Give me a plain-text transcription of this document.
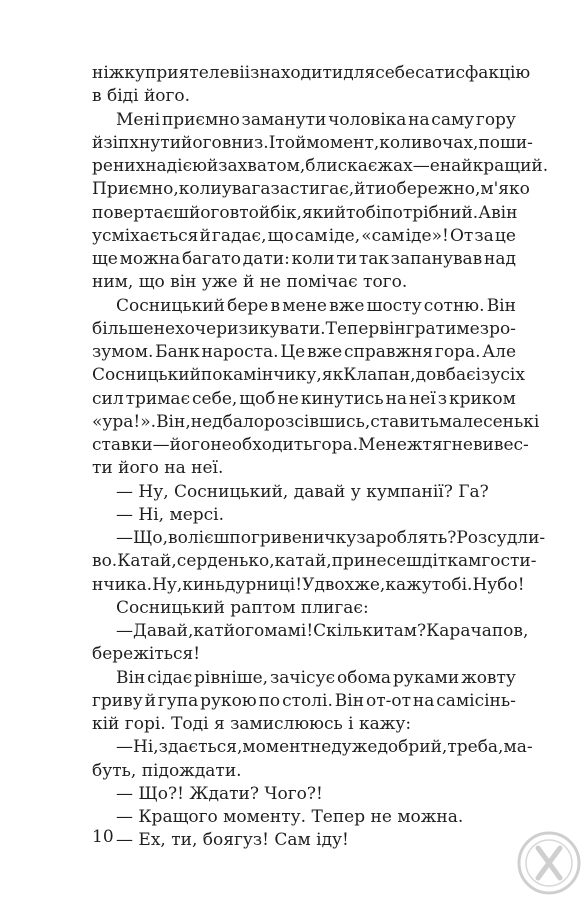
ніжку приятелеві і знаходити для себе сатисфакцію
в біді його.
Мені приємно заманути чоловіка на саму гору
й зіпхнути його вниз. І той момент, коли в очах, поши-
рених надією й захватом, блискає жах — е найкращий.
Приємно, коли увага застигає, й ти обережно, м'яко
повертаєш його в той бік, який тобі потрібний. А він
усміхається й гадає, що сам іде, «сам іде»! От за це
ще можна багато дати: коли ти так запанував над
ним, що він уже й не помічає того.
Сосницький бере в мене вже шосту сотню. Він
більше не хоче ризикувати. Тепер він гратиме з ро-
зумом. Банк нароста. Це вже справжня гора. Але
Сосницький по камінчику, як Клапан, довбає і з усіх
сил тримає себе, щоб не кинутись на неї з криком
«ура!». Він, недбало розсівшись, ставить малесенькі
ставки — його не обходить гора. Мене ж тягне вивес-
ти його на неї.
— Ну, Сосницький, давай у кумпанії? Га?
— Ні, мерсі.
— Що, волієш по гривеничку зароблять? Розсудли-
во. Катай, серденько, катай, принесеш діткам гости-
нчика. Ну, кинь дурниці! Удвох же, кажу тобі. Ну бо!
Сосницький раптом плигає:
— Давай, кат його мамі! Скільки там? Карачапов,
бережіться!
Він сідає рівніше, зачісує обома руками жовту
гриву й гупа рукою по столі. Він от-от на самісінь-
кій горі. Тоді я замислююсь і кажу:
— Ні, здається, момент не дуже добрий, треба, ма-
буть, підождати.
— Що?! Ждати? Чого?!
— Кращого моменту. Тепер не можна.
— Ех, ти, боягуз! Сам іду!
10
